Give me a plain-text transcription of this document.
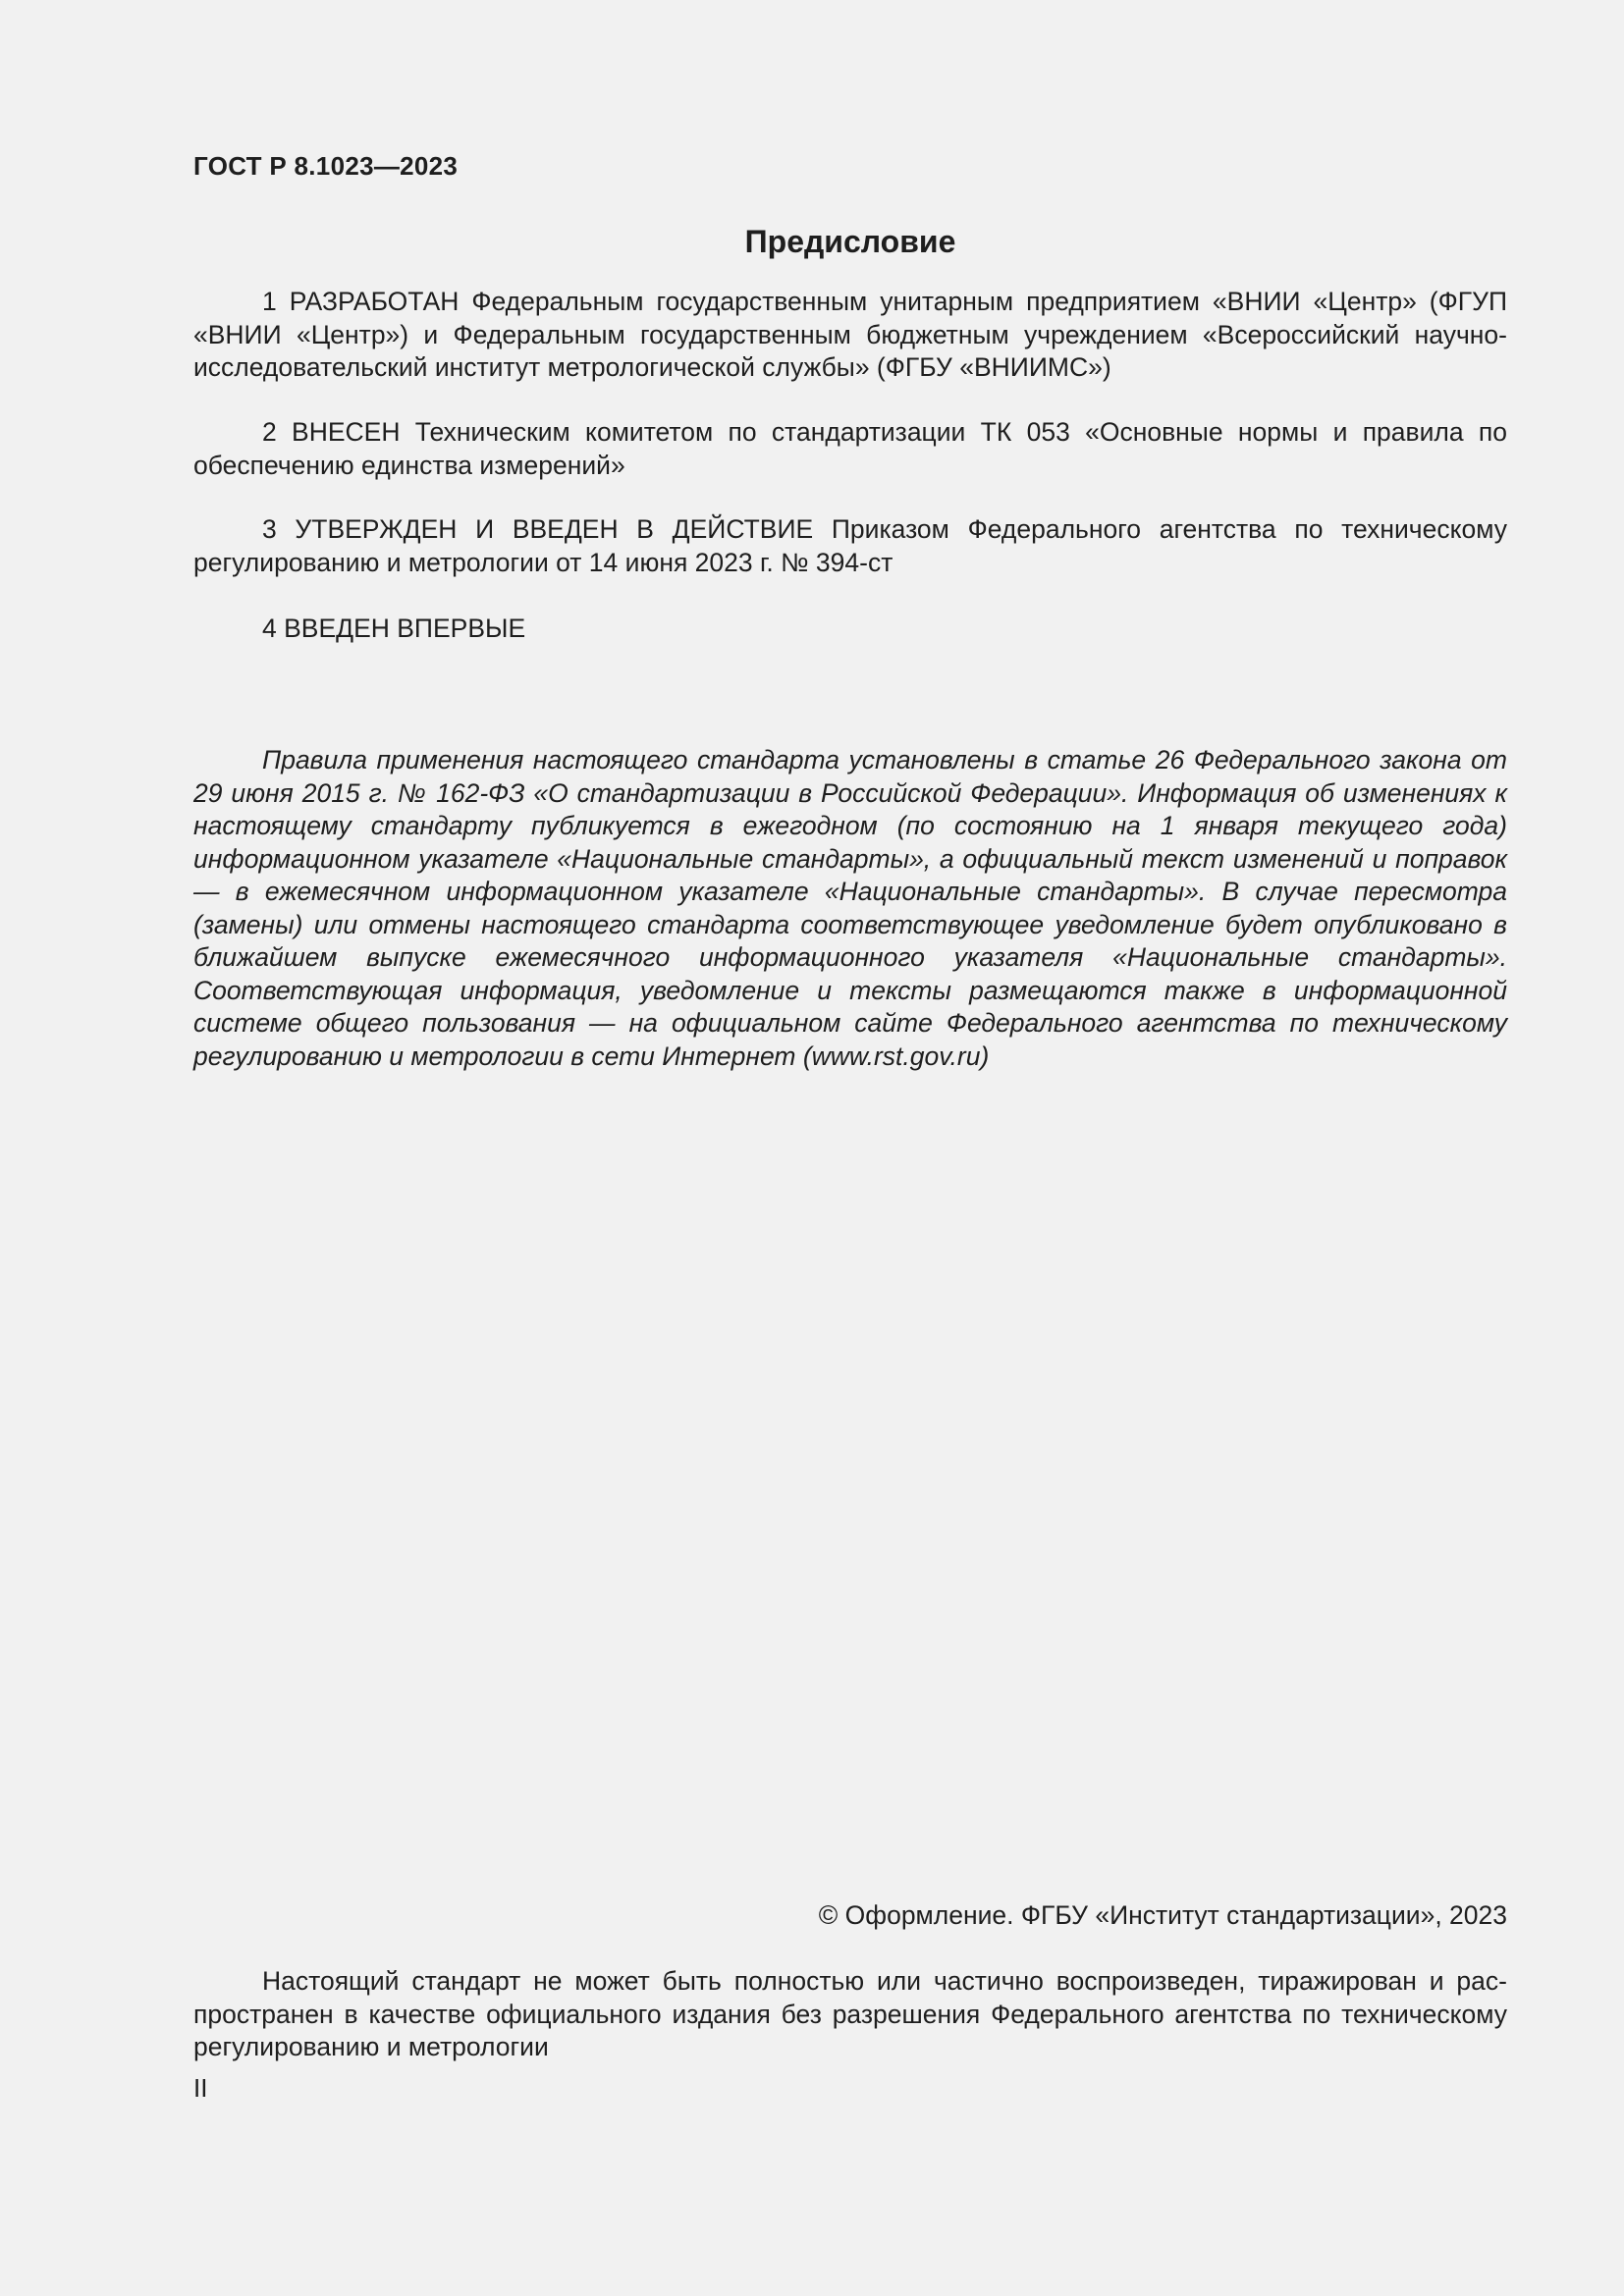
ГОСТ Р 8.1023—2023
Предисловие

1 РАЗРАБОТАН Федеральным государственным унитарным предприятием «ВНИИ «Центр» (ФГУП «ВНИИ «Центр») и Федеральным государственным бюджетным учреждением «Всероссийский научно-исследовательский институт метрологической службы» (ФГБУ «ВНИИМС»)

2 ВНЕСЕН Техническим комитетом по стандартизации ТК 053 «Основные нормы и правила по обеспечению единства измерений»

3 УТВЕРЖДЕН И ВВЕДЕН В ДЕЙСТВИЕ Приказом Федерального агентства по техническому регулированию и метрологии от 14 июня 2023 г. № 394-ст

4 ВВЕДЕН ВПЕРВЫЕ

Правила применения настоящего стандарта установлены в статье 26 Федерального закона от 29 июня 2015 г. № 162-ФЗ «О стандартизации в Российской Федерации». Информация об изменениях к настоящему стандарту публикуется в ежегодном (по состоянию на 1 января текущего года) информационном указателе «Национальные стандарты», а официальный текст изменений и поправок — в ежемесячном информационном указателе «Национальные стандарты». В случае пересмотра (замены) или отмены настоящего стандарта соответствующее уведомление будет опубликовано в ближайшем выпуске ежемесячного информационного указателя «Национальные стандарты». Соответствующая информация, уведомление и тексты размещаются также в информационной системе общего пользования — на официальном сайте Федерального агентства по техническому регулированию и метрологии в сети Интернет (www.rst.gov.ru)

© Оформление. ФГБУ «Институт стандартизации», 2023

Настоящий стандарт не может быть полностью или частично воспроизведен, тиражирован и распространен в качестве официального издания без разрешения Федерального агентства по техническому регулированию и метрологии

II
